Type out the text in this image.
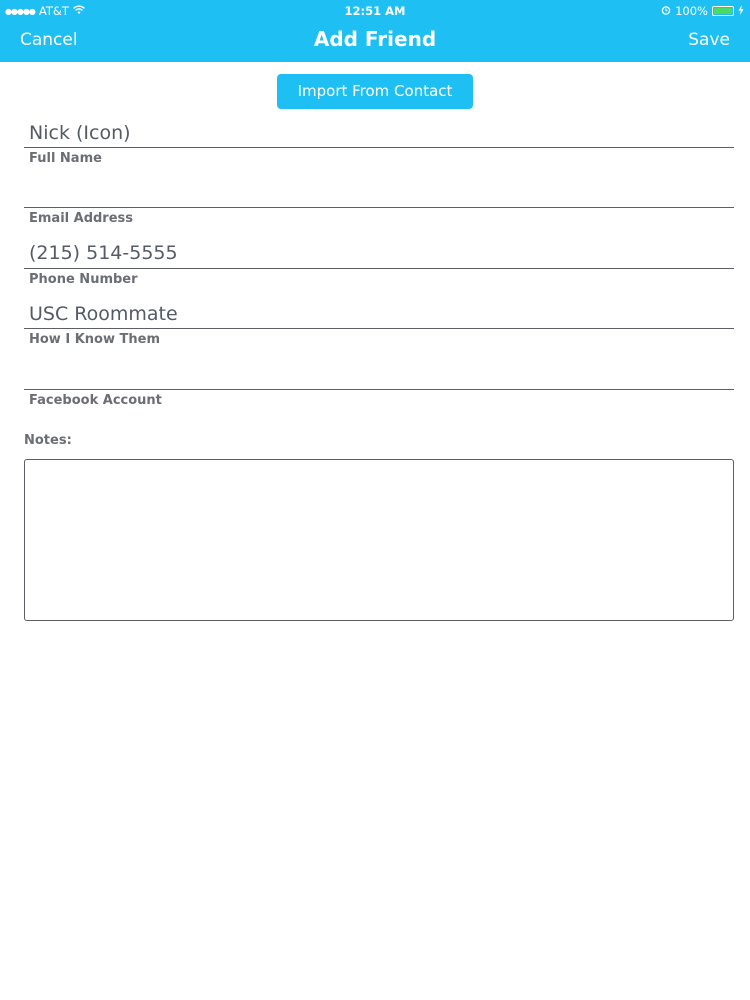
●●●●● AT&T	12:51 AM	100%
Cancel	Add Friend	Save
Import From Contact
Nick (Icon)
Full Name
Email Address
(215) 514-5555
Phone Number
USC Roommate
How I Know Them
Facebook Account
Notes:
